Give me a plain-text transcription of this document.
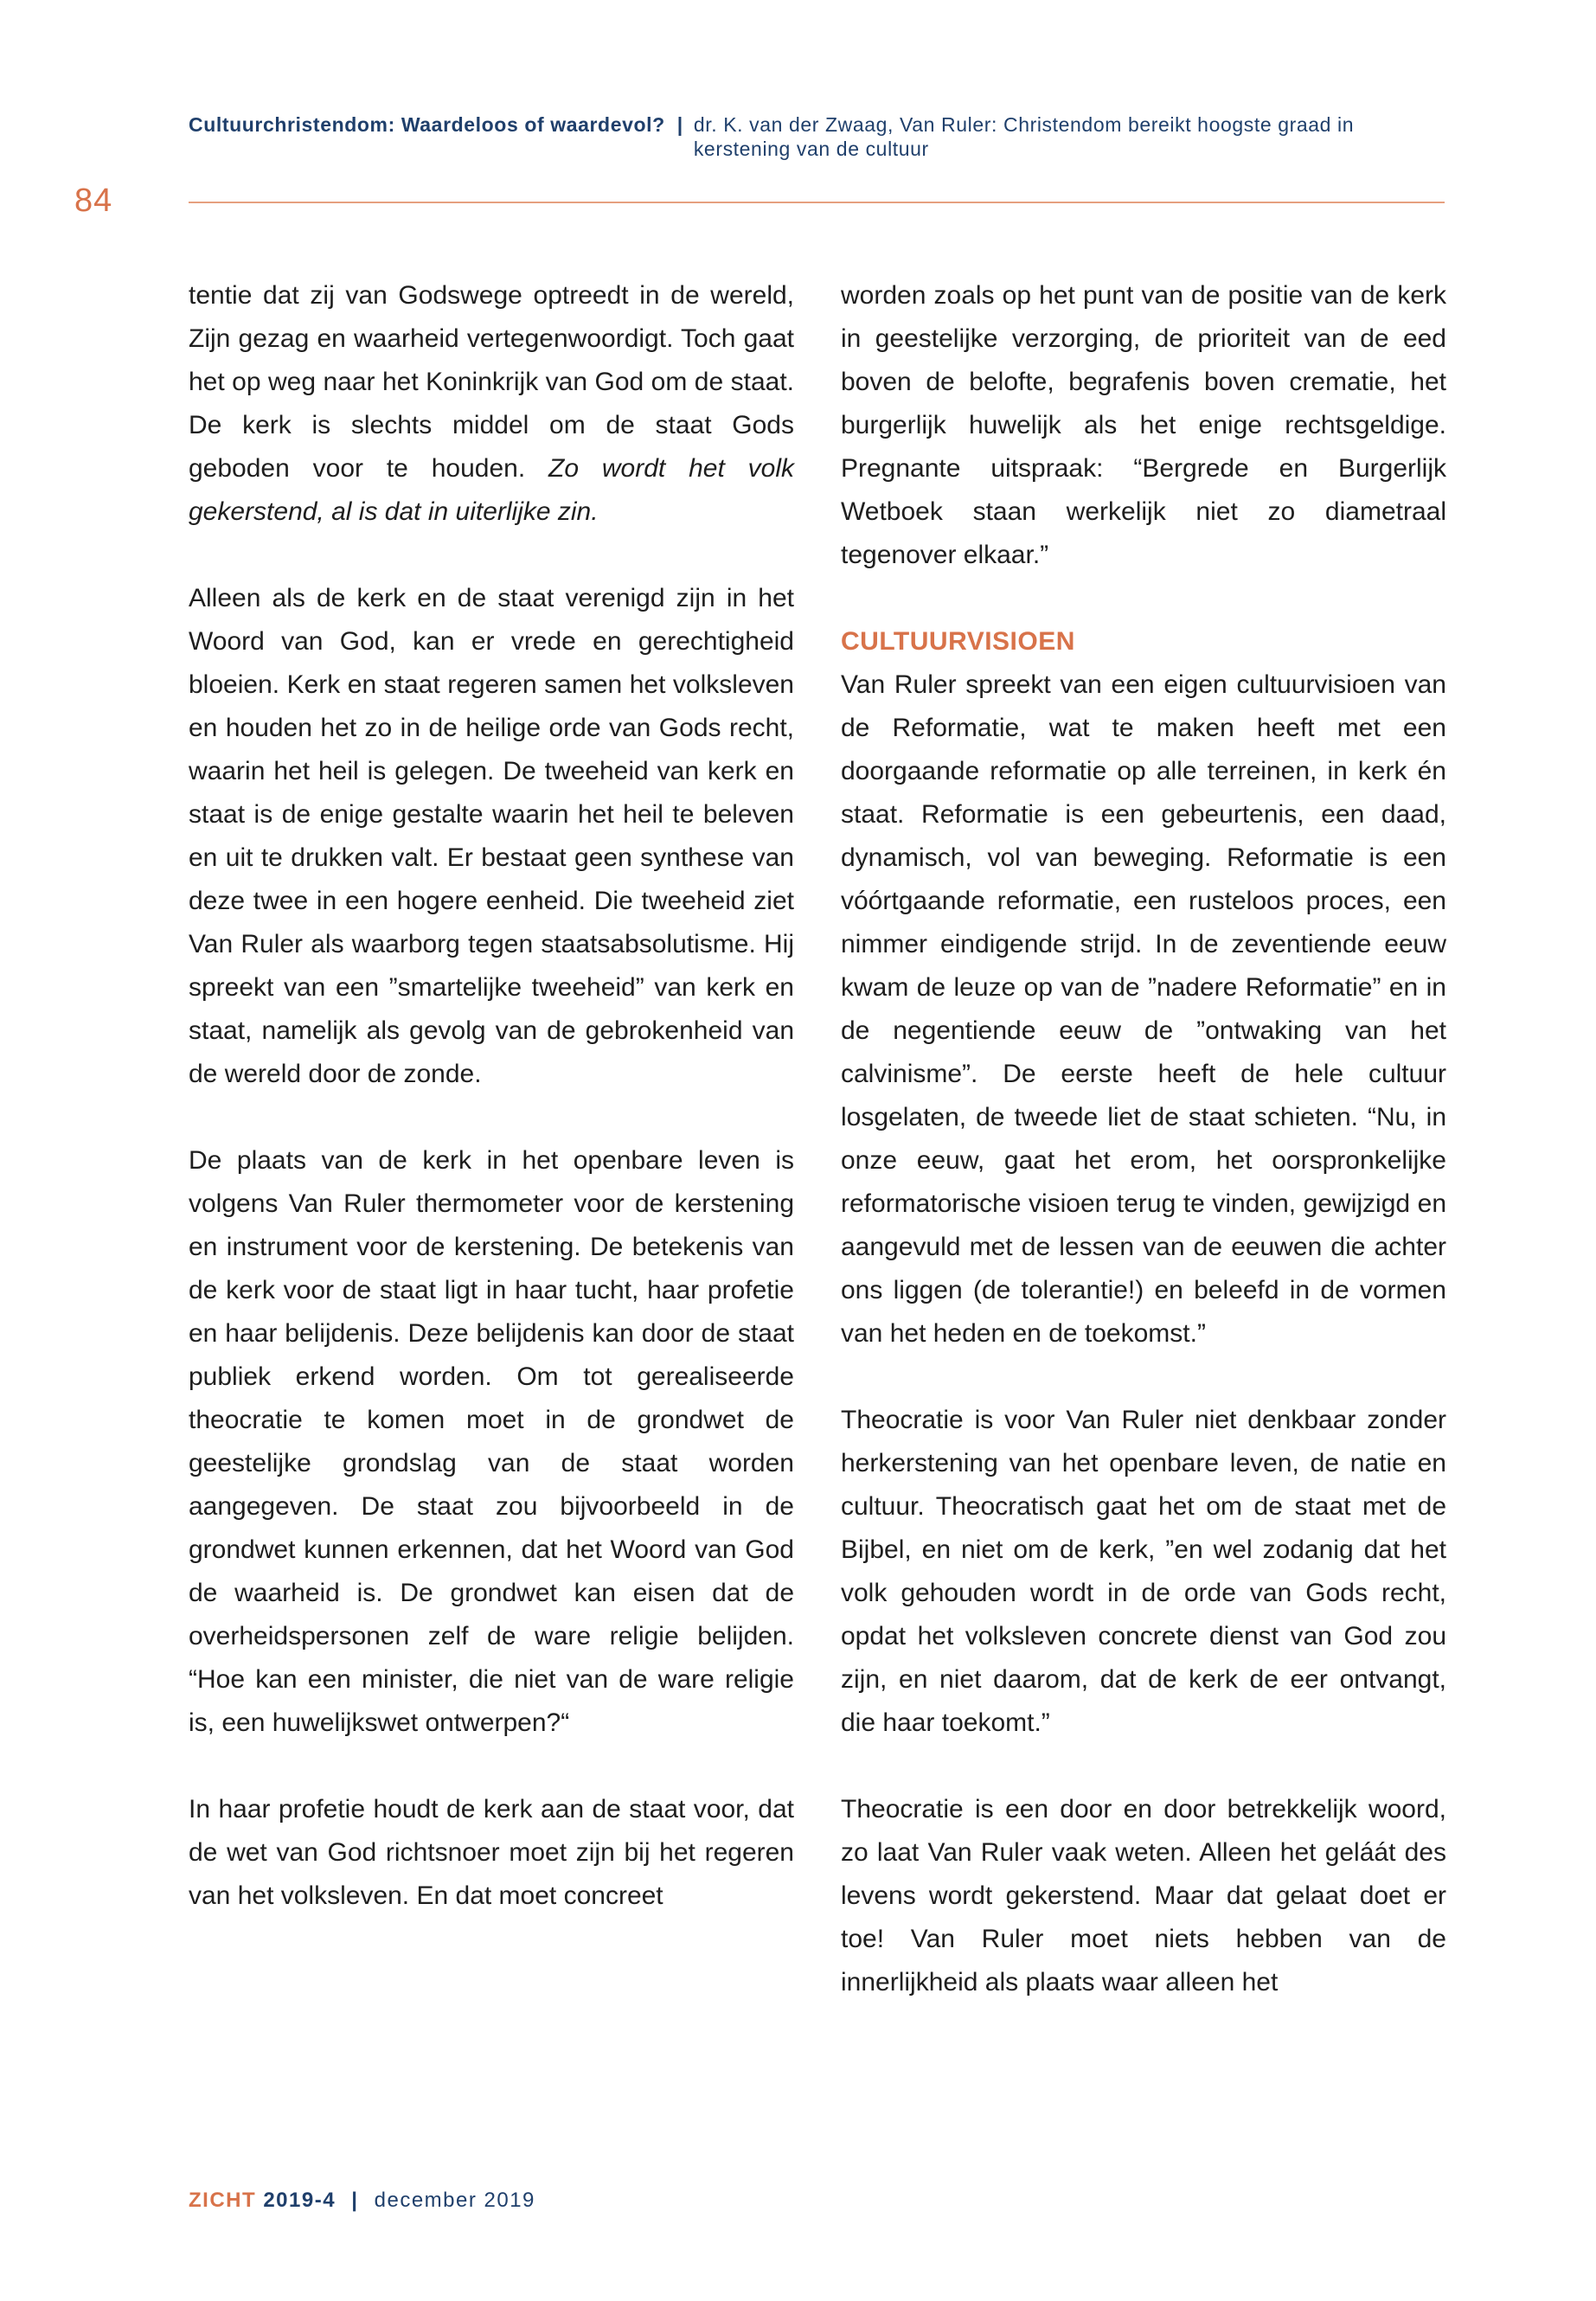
Cultuurchristendom: Waardeloos of waardevol? | dr. K. van der Zwaag, Van Ruler: Christendom bereikt hoogste graad in kerstening van de cultuur
84

tentie dat zij van Godswege optreedt in de wereld, Zijn gezag en waarheid vertegenwoordigt. Toch gaat het op weg naar het Koninkrijk van God om de staat. De kerk is slechts middel om de staat Gods geboden voor te houden. Zo wordt het volk gekerstend, al is dat in uiterlijke zin.

Alleen als de kerk en de staat verenigd zijn in het Woord van God, kan er vrede en gerechtigheid bloeien. Kerk en staat regeren samen het volksleven en houden het zo in de heilige orde van Gods recht, waarin het heil is gelegen. De tweeheid van kerk en staat is de enige gestalte waarin het heil te beleven en uit te drukken valt. Er bestaat geen synthese van deze twee in een hogere eenheid. Die tweeheid ziet Van Ruler als waarborg tegen staatsabsolutisme. Hij spreekt van een ”smartelijke tweeheid” van kerk en staat, namelijk als gevolg van de gebrokenheid van de wereld door de zonde.

De plaats van de kerk in het openbare leven is volgens Van Ruler thermometer voor de kerstening en instrument voor de kerstening. De betekenis van de kerk voor de staat ligt in haar tucht, haar profetie en haar belijdenis. Deze belijdenis kan door de staat publiek erkend worden. Om tot gerealiseerde theocratie te komen moet in de grondwet de geestelijke grondslag van de staat worden aangegeven. De staat zou bijvoorbeeld in de grondwet kunnen erkennen, dat het Woord van God de waarheid is. De grondwet kan eisen dat de overheidspersonen zelf de ware religie belijden. “Hoe kan een minister, die niet van de ware religie is, een huwelijkswet ontwerpen?“

In haar profetie houdt de kerk aan de staat voor, dat de wet van God richtsnoer moet zijn bij het regeren van het volksleven. En dat moet concreet

worden zoals op het punt van de positie van de kerk in geestelijke verzorging, de prioriteit van de eed boven de belofte, begrafenis boven crematie, het burgerlijk huwelijk als het enige rechtsgeldige. Pregnante uitspraak: “Bergrede en Burgerlijk Wetboek staan werkelijk niet zo diametraal tegenover elkaar.”

CULTUURVISIOEN

Van Ruler spreekt van een eigen cultuurvisioen van de Reformatie, wat te maken heeft met een doorgaande reformatie op alle terreinen, in kerk én staat. Reformatie is een gebeurtenis, een daad, dynamisch, vol van beweging. Reformatie is een vóórtgaande reformatie, een rusteloos proces, een nimmer eindigende strijd. In de zeventiende eeuw kwam de leuze op van de ”nadere Reformatie” en in de negentiende eeuw de ”ontwaking van het calvinisme”. De eerste heeft de hele cultuur losgelaten, de tweede liet de staat schieten. “Nu, in onze eeuw, gaat het erom, het oorspronkelijke reformatorische visioen terug te vinden, gewijzigd en aangevuld met de lessen van de eeuwen die achter ons liggen (de tolerantie!) en beleefd in de vormen van het heden en de toekomst.”

Theocratie is voor Van Ruler niet denkbaar zonder herkerstening van het openbare leven, de natie en cultuur. Theocratisch gaat het om de staat met de Bijbel, en niet om de kerk, ”en wel zodanig dat het volk gehouden wordt in de orde van Gods recht, opdat het volksleven concrete dienst van God zou zijn, en niet daarom, dat de kerk de eer ontvangt, die haar toekomt.”

Theocratie is een door en door betrekkelijk woord, zo laat Van Ruler vaak weten. Alleen het geláát des levens wordt gekerstend. Maar dat gelaat doet er toe! Van Ruler moet niets hebben van de innerlijkheid als plaats waar alleen het

ZICHT 2019-4 | december 2019
